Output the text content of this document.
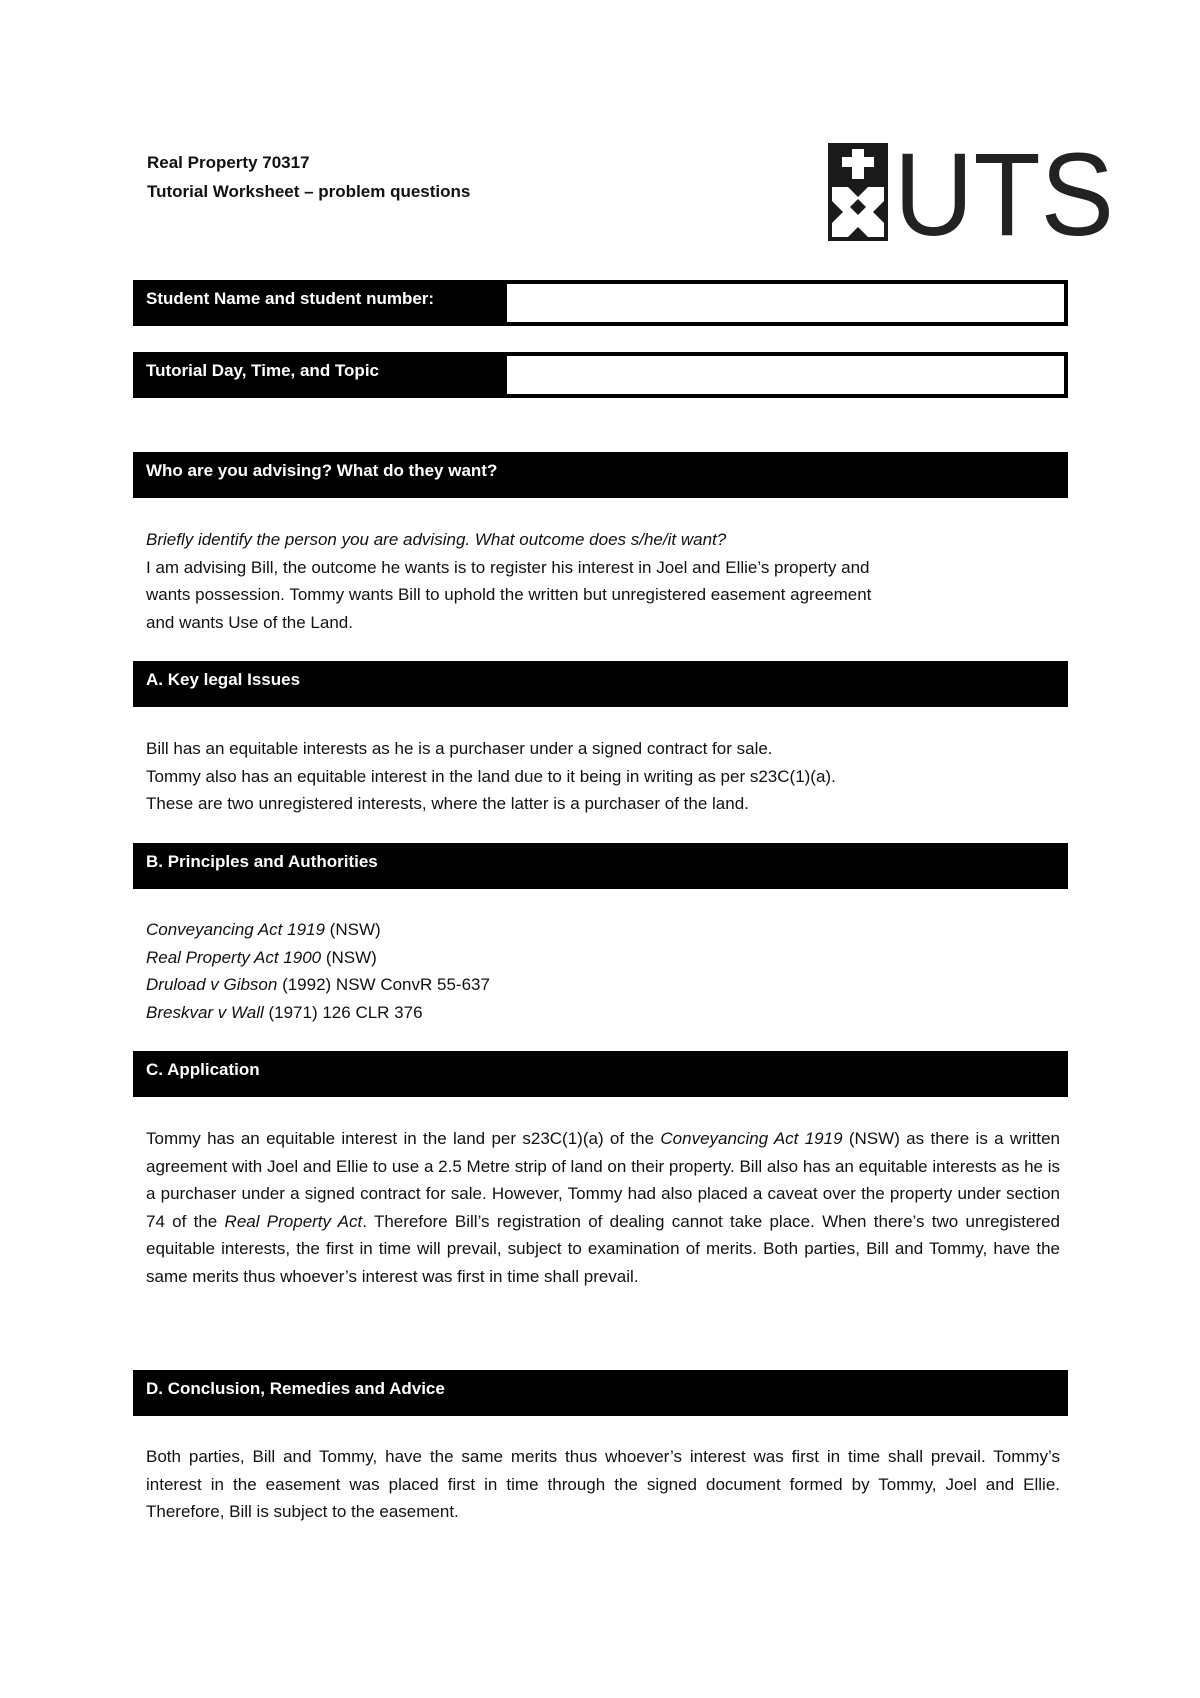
Real Property 70317
Tutorial Worksheet – problem questions	UTS
Student Name and student number:
Tutorial Day, Time, and Topic
Who are you advising? What do they want?

Briefly identify the person you are advising. What outcome does s/he/it want?

I am advising Bill, the outcome he wants is to register his interest in Joel and Ellie’s property and

wants possession. Tommy wants Bill to uphold the written but unregistered easement agreement

and wants Use of the Land.

A. Key legal Issues

Bill has an equitable interests as he is a purchaser under a signed contract for sale.

Tommy also has an equitable interest in the land due to it being in writing as per s23C(1)(a).

These are two unregistered interests, where the latter is a purchaser of the land.

B. Principles and Authorities

Conveyancing Act 1919 (NSW)

Real Property Act 1900 (NSW)

Druload v Gibson (1992) NSW ConvR 55-637

Breskvar v Wall (1971) 126 CLR 376

C. Application

Tommy has an equitable interest in the land per s23C(1)(a) of the Conveyancing Act 1919 (NSW) as there is a written agreement with Joel and Ellie to use a 2.5 Metre strip of land on their property. Bill also has an equitable interests as he is a purchaser under a signed contract for sale. However, Tommy had also placed a caveat over the property under section 74 of the Real Property Act. Therefore Bill’s registration of dealing cannot take place. When there’s two unregistered equitable interests, the first in time will prevail, subject to examination of merits. Both parties, Bill and Tommy, have the same merits thus whoever’s interest was first in time shall prevail.

D. Conclusion, Remedies and Advice

Both parties, Bill and Tommy, have the same merits thus whoever’s interest was first in time shall prevail. Tommy’s interest in the easement was placed first in time through the signed document formed by Tommy, Joel and Ellie. Therefore, Bill is subject to the easement.
